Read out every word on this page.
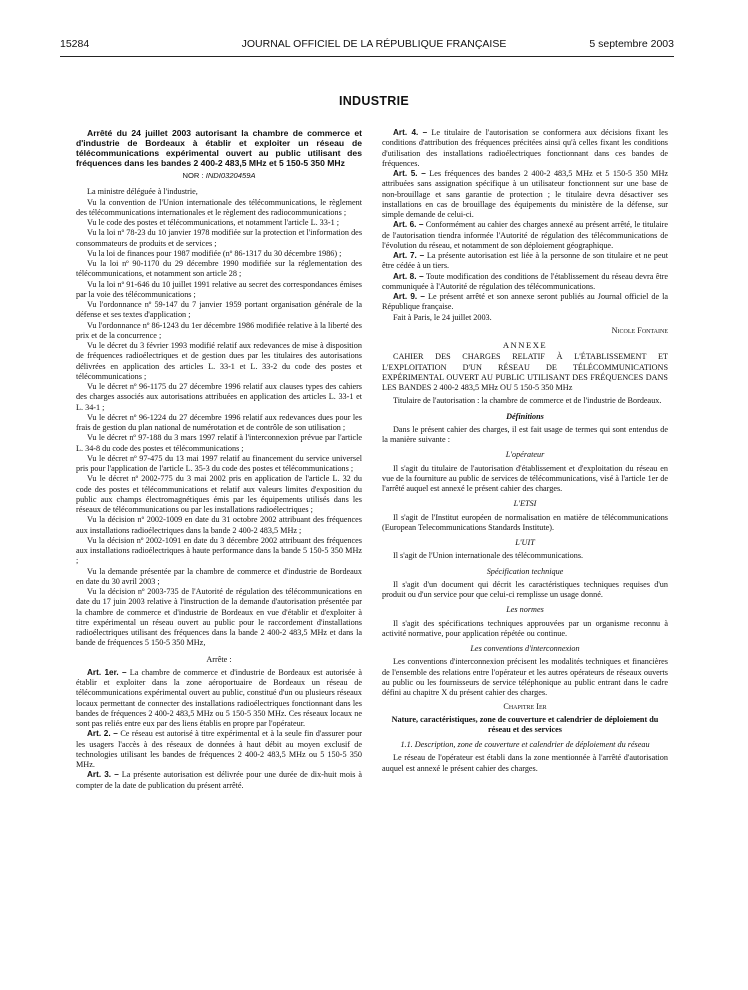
15284	JOURNAL OFFICIEL DE LA RÉPUBLIQUE FRANÇAISE	5 septembre 2003
INDUSTRIE

Arrêté du 24 juillet 2003 autorisant la chambre de commerce et d'industrie de Bordeaux à établir et exploiter un réseau de télécommunications expérimental ouvert au public utilisant des fréquences dans les bandes 2 400-2 483,5 MHz et 5 150-5 350 MHz

NOR : INDI0320459A

La ministre déléguée à l'industrie,

Vu la convention de l'Union internationale des télécommunications, le règlement des télécommunications internationales et le règlement des radiocommunications ;

Vu le code des postes et télécommunications, et notamment l'article L. 33-1 ;

Vu la loi nº 78-23 du 10 janvier 1978 modifiée sur la protection et l'information des consommateurs de produits et de services ;

Vu la loi de finances pour 1987 modifiée (nº 86-1317 du 30 décembre 1986) ;

Vu la loi nº 90-1170 du 29 décembre 1990 modifiée sur la réglementation des télécommunications, et notamment son article 28 ;

Vu la loi nº 91-646 du 10 juillet 1991 relative au secret des correspondances émises par la voie des télécommunications ;

Vu l'ordonnance nº 59-147 du 7 janvier 1959 portant organisation générale de la défense et ses textes d'application ;

Vu l'ordonnance nº 86-1243 du 1er décembre 1986 modifiée relative à la liberté des prix et de la concurrence ;

Vu le décret du 3 février 1993 modifié relatif aux redevances de mise à disposition de fréquences radioélectriques et de gestion dues par les titulaires des autorisations délivrées en application des articles L. 33-1 et L. 33-2 du code des postes et télécommunications ;

Vu le décret nº 96-1175 du 27 décembre 1996 relatif aux clauses types des cahiers des charges associés aux autorisations attribuées en application des articles L. 33-1 et L. 34-1 ;

Vu le décret nº 96-1224 du 27 décembre 1996 relatif aux redevances dues pour les frais de gestion du plan national de numérotation et de contrôle de son utilisation ;

Vu le décret nº 97-188 du 3 mars 1997 relatif à l'interconnexion prévue par l'article L. 34-8 du code des postes et télécommunications ;

Vu le décret nº 97-475 du 13 mai 1997 relatif au financement du service universel pris pour l'application de l'article L. 35-3 du code des postes et télécommunications ;

Vu le décret nº 2002-775 du 3 mai 2002 pris en application de l'article L. 32 du code des postes et télécommunications et relatif aux valeurs limites d'exposition du public aux champs électromagnétiques émis par les équipements utilisés dans les réseaux de télécommunications ou par les installations radioélectriques ;

Vu la décision nº 2002-1009 en date du 31 octobre 2002 attribuant des fréquences aux installations radioélectriques dans la bande 2 400-2 483,5 MHz ;

Vu la décision nº 2002-1091 en date du 3 décembre 2002 attribuant des fréquences aux installations radioélectriques à haute performance dans la bande 5 150-5 350 MHz ;

Vu la demande présentée par la chambre de commerce et d'industrie de Bordeaux en date du 30 avril 2003 ;

Vu la décision nº 2003-735 de l'Autorité de régulation des télécommunications en date du 17 juin 2003 relative à l'instruction de la demande d'autorisation présentée par la chambre de commerce et d'industrie de Bordeaux en vue d'établir et d'exploiter à titre expérimental un réseau ouvert au public pour le raccordement d'installations radioélectriques utilisant des fréquences dans la bande 2 400-2 483,5 MHz et dans la bande de fréquences 5 150-5 350 MHz,

Arrête :

Art. 1er. – La chambre de commerce et d'industrie de Bordeaux est autorisée à établir et exploiter dans la zone aéroportuaire de Bordeaux un réseau de télécommunications expérimental ouvert au public, constitué d'un ou plusieurs réseaux locaux permettant de connecter des installations radioélectriques fonctionnant dans les bandes de fréquences 2 400-2 483,5 MHz ou 5 150-5 350 MHz. Ces réseaux locaux ne sont pas reliés entre eux par des liens établis en propre par l'opérateur.

Art. 2. – Ce réseau est autorisé à titre expérimental et à la seule fin d'assurer pour les usagers l'accès à des réseaux de données à haut débit au moyen exclusif de technologies utilisant les bandes de fréquences 2 400-2 483,5 MHz ou 5 150-5 350 MHz.

Art. 3. – La présente autorisation est délivrée pour une durée de dix-huit mois à compter de la date de publication du présent arrêté.

Art. 4. – Le titulaire de l'autorisation se conformera aux décisions fixant les conditions d'attribution des fréquences précitées ainsi qu'à celles fixant les conditions d'utilisation des installations radioélectriques fonctionnant dans ces bandes de fréquences.

Art. 5. – Les fréquences des bandes 2 400-2 483,5 MHz et 5 150-5 350 MHz attribuées sans assignation spécifique à un utilisateur fonctionnent sur une base de non-brouillage et sans garantie de protection ; le titulaire devra désactiver ses installations en cas de brouillage des équipements du ministère de la défense, sur simple demande de celui-ci.

Art. 6. – Conformément au cahier des charges annexé au présent arrêté, le titulaire de l'autorisation tiendra informée l'Autorité de régulation des télécommunications de l'évolution du réseau, et notamment de son déploiement géographique.

Art. 7. – La présente autorisation est liée à la personne de son titulaire et ne peut être cédée à un tiers.

Art. 8. – Toute modification des conditions de l'établissement du réseau devra être communiquée à l'Autorité de régulation des télécommunications.

Art. 9. – Le présent arrêté et son annexe seront publiés au Journal officiel de la République française.

Fait à Paris, le 24 juillet 2003.

Nicole Fontaine

ANNEXE

CAHIER DES CHARGES RELATIF À L'ÉTABLISSEMENT ET L'EXPLOITATION D'UN RÉSEAU DE TÉLÉCOMMUNICATIONS EXPÉRIMENTAL OUVERT AU PUBLIC UTILISANT DES FRÉQUENCES DANS LES BANDES 2 400-2 483,5 MHz OU 5 150-5 350 MHz

Titulaire de l'autorisation : la chambre de commerce et de l'industrie de Bordeaux.

Définitions

Dans le présent cahier des charges, il est fait usage de termes qui sont entendus de la manière suivante :

L'opérateur

Il s'agit du titulaire de l'autorisation d'établissement et d'exploitation du réseau en vue de la fourniture au public de services de télécommunications, visé à l'article 1er de l'arrêté auquel est annexé le présent cahier des charges.

L'ETSI

Il s'agit de l'Institut européen de normalisation en matière de télécommunications (European Telecommunications Standards Institute).

L'UIT

Il s'agit de l'Union internationale des télécommunications.

Spécification technique

Il s'agit d'un document qui décrit les caractéristiques techniques requises d'un produit ou d'un service pour que celui-ci remplisse un usage donné.

Les normes

Il s'agit des spécifications techniques approuvées par un organisme reconnu à activité normative, pour application répétée ou continue.

Les conventions d'interconnexion

Les conventions d'interconnexion précisent les modalités techniques et financières de l'ensemble des relations entre l'opérateur et les autres opérateurs de réseaux ouverts au public ou les fournisseurs de service téléphonique au public entrant dans le cadre défini au chapitre X du présent cahier des charges.

Chapitre Ier

Nature, caractéristiques, zone de couverture et calendrier de déploiement du réseau et des services

1.1. Description, zone de couverture et calendrier de déploiement du réseau

Le réseau de l'opérateur est établi dans la zone mentionnée à l'arrêté d'autorisation auquel est annexé le présent cahier des charges.
